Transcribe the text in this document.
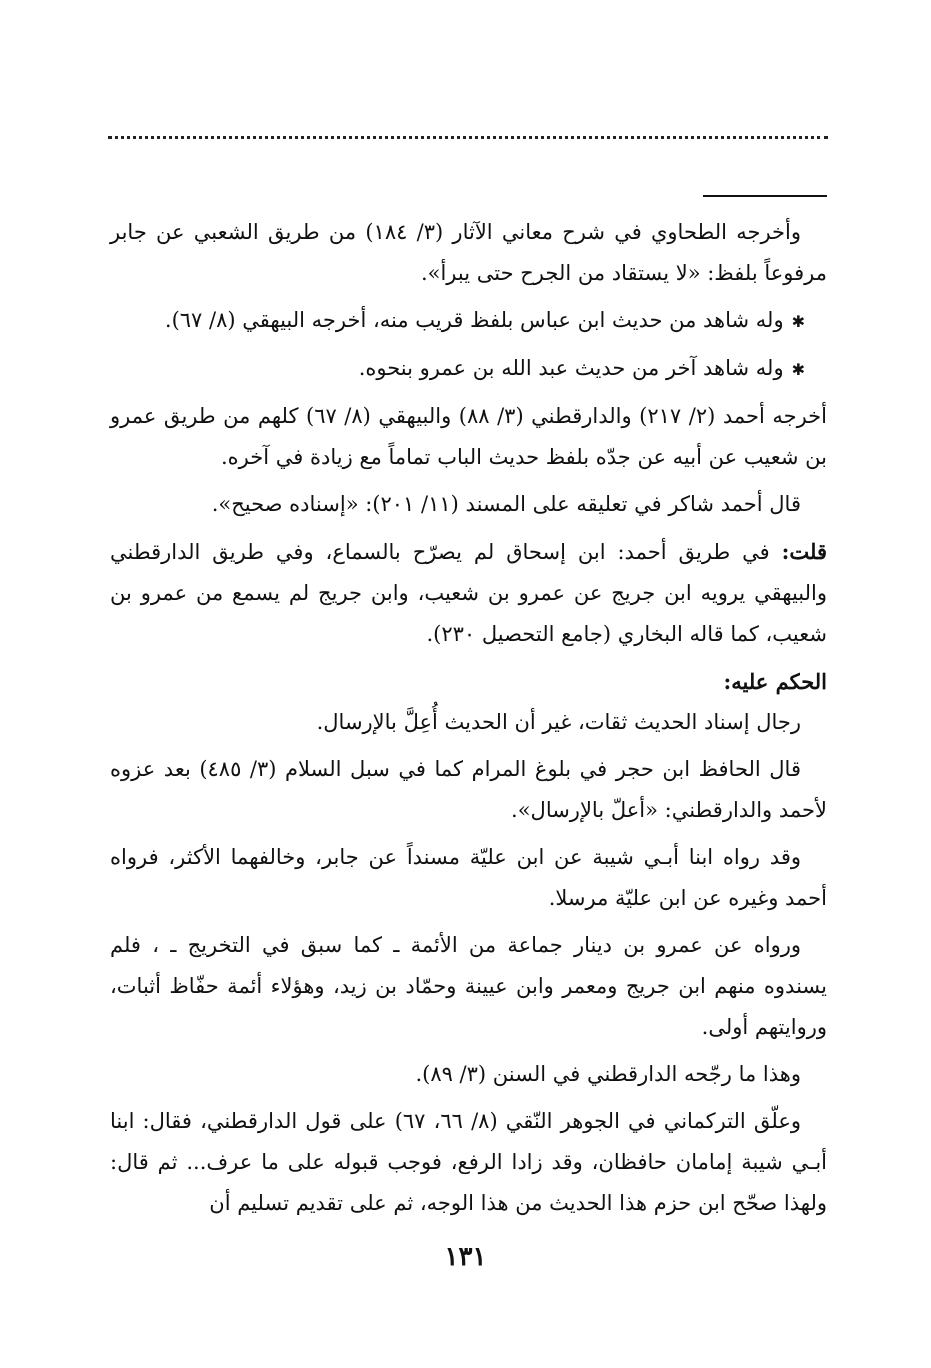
وأخرجه الطحاوي في شرح معاني الآثار (٣/ ١٨٤) من طريق الشعبي عن جابر مرفوعاً بلفظ: «لا يستقاد من الجرح حتى يبرأ».

✱وله شاهد من حديث ابن عباس بلفظ قريب منه، أخرجه البيهقي (٨/ ٦٧).

✱وله شاهد آخر من حديث عبد الله بن عمرو بنحوه.

أخرجه أحمد (٢/ ٢١٧) والدارقطني (٣/ ٨٨) والبيهقي (٨/ ٦٧) كلهم من طريق عمرو بن شعيب عن أبيه عن جدّه بلفظ حديث الباب تماماً مع زيادة في آخره.

قال أحمد شاكر في تعليقه على المسند (١١/ ٢٠١): «إسناده صحيح».

قلت: في طريق أحمد: ابن إسحاق لم يصرّح بالسماع، وفي طريق الدارقطني والبيهقي يرويه ابن جريج عن عمرو بن شعيب، وابن جريج لم يسمع من عمرو بن شعيب، كما قاله البخاري (جامع التحصيل ٢٣٠).

الحكم عليه:

رجال إسناد الحديث ثقات، غير أن الحديث أُعِلَّ بالإرسال.

قال الحافظ ابن حجر في بلوغ المرام كما في سبل السلام (٣/ ٤٨٥) بعد عزوه لأحمد والدارقطني: «أعلّ بالإرسال».

وقد رواه ابنا أبـي شيبة عن ابن عليّة مسنداً عن جابر، وخالفهما الأكثر، فرواه أحمد وغيره عن ابن عليّة مرسلا.

ورواه عن عمرو بن دينار جماعة من الأئمة ـ كما سبق في التخريج ـ ، فلم يسندوه منهم ابن جريج ومعمر وابن عيينة وحمّاد بن زيد، وهؤلاء أئمة حفّاظ أثبات، وروايتهم أولى.

وهذا ما رجّحه الدارقطني في السنن (٣/ ٨٩).

وعلّق التركماني في الجوهر النّقي (٨/ ٦٦، ٦٧) على قول الدارقطني، فقال: ابنا أبـي شيبة إمامان حافظان، وقد زادا الرفع، فوجب قبوله على ما عرف... ثم قال: ولهذا صحّح ابن حزم هذا الحديث من هذا الوجه، ثم على تقديم تسليم أن

١٣١
